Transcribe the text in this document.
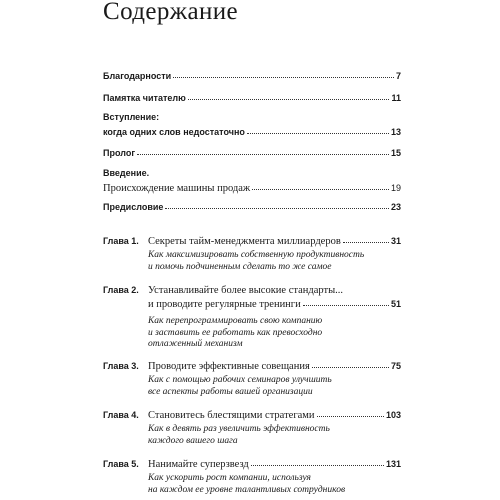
Содержание
Благодарности	7
Памятка читателю	11
Вступление:
когда одних слов недостаточно	13
Пролог	15
Введение.
Происхождение машины продаж	19
Предисловие	23
Глава 1. Секреты тайм-менеджмента миллиардеров	31
Как максимизировать собственную продуктивность
и помочь подчиненным сделать то же самое
Глава 2. Устанавливайте более высокие стандарты...
и проводите регулярные тренинги	51
Как перепрограммировать свою компанию
и заставить ее работать как превосходно
отлаженный механизм
Глава 3. Проводите эффективные совещания	75
Как с помощью рабочих семинаров улучшить
все аспекты работы вашей организации
Глава 4. Становитесь блестящими стратегами	103
Как в девять раз увеличить эффективность
каждого вашего шага
Глава 5. Нанимайте суперзвезд	131
Как ускорить рост компании, используя
на каждом ее уровне талантливых сотрудников
